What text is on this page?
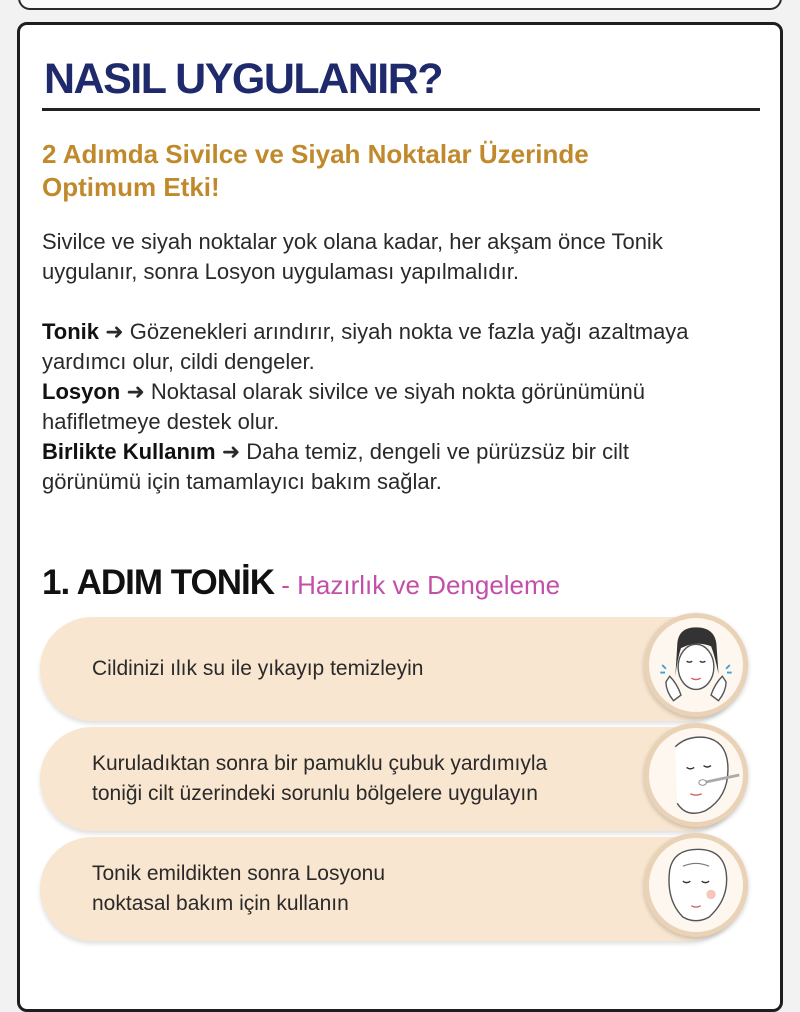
NASIL UYGULANIR?
2 Adımda Sivilce ve Siyah Noktalar Üzerinde
Optimum Etki!

Sivilce ve siyah noktalar yok olana kadar, her akşam önce Tonik
uygulanır, sonra Losyon uygulaması yapılmalıdır.

Tonik ➜ Gözenekleri arındırır, siyah nokta ve fazla yağı azaltmaya

yardımcı olur, cildi dengeler.

Losyon ➜ Noktasal olarak sivilce ve siyah nokta görünümünü

hafifletmeye destek olur.

Birlikte Kullanım ➜ Daha temiz, dengeli ve pürüzsüz bir cilt

görünümü için tamamlayıcı bakım sağlar.

1. ADIM TONİK - Hazırlık ve Dengeleme

Cildinizi ılık su ile yıkayıp temizleyin

Kuruladıktan sonra bir pamuklu çubuk yardımıyla

toniği cilt üzerindeki sorunlu bölgelere uygulayın

Tonik emildikten sonra Losyonu

noktasal bakım için kullanın
